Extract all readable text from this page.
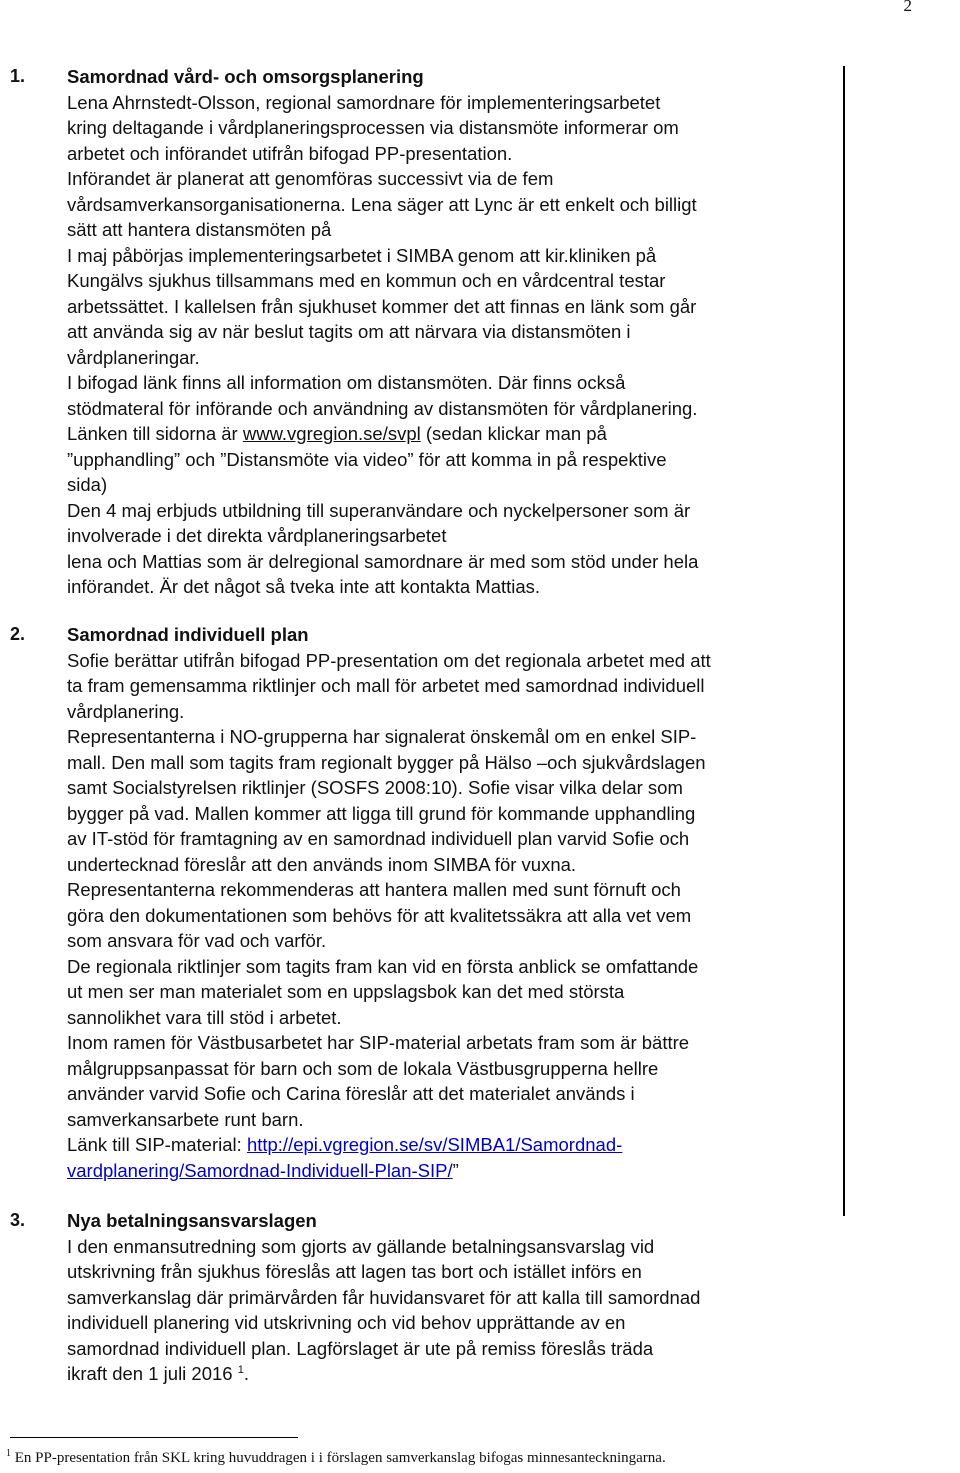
2
1. Samordnad vård- och omsorgsplanering
Lena Ahrnstedt-Olsson, regional samordnare för implementeringsarbetet
kring deltagande i vårdplaneringsprocessen via distansmöte informerar om
arbetet och införandet utifrån bifogad PP-presentation.
Införandet är planerat att genomföras successivt via de fem
vårdsamverkansorganisationerna. Lena säger att Lync är ett enkelt och billigt
sätt att hantera distansmöten på
I maj påbörjas implementeringsarbetet i SIMBA genom att kir.kliniken på
Kungälvs sjukhus tillsammans med en kommun och en vårdcentral testar
arbetssättet. I kallelsen från sjukhuset kommer det att finnas en länk som går
att använda sig av när beslut tagits om att närvara via distansmöten i
vårdplaneringar.
I bifogad länk finns all information om distansmöten. Där finns också
stödmateral för införande och användning av distansmöten för vårdplanering.
Länken till sidorna är www.vgregion.se/svpl (sedan klickar man på
”upphandling” och ”Distansmöte via video” för att komma in på respektive
sida)
Den 4 maj erbjuds utbildning till superanvändare och nyckelpersoner som är
involverade i det direkta vårdplaneringsarbetet
lena och Mattias som är delregional samordnare är med som stöd under hela
införandet. Är det något så tveka inte att kontakta Mattias.
2. Samordnad individuell plan
Sofie berättar utifrån bifogad PP-presentation om det regionala arbetet med att
ta fram gemensamma riktlinjer och mall för arbetet med samordnad individuell
vårdplanering.
Representanterna i NO-grupperna har signalerat önskemål om en enkel SIP-
mall. Den mall som tagits fram regionalt bygger på Hälso –och sjukvårdslagen
samt Socialstyrelsen riktlinjer (SOSFS 2008:10). Sofie visar vilka delar som
bygger på vad. Mallen kommer att ligga till grund för kommande upphandling
av IT-stöd för framtagning av en samordnad individuell plan varvid Sofie och
undertecknad föreslår att den används inom SIMBA för vuxna.
Representanterna rekommenderas att hantera mallen med sunt förnuft och
göra den dokumentationen som behövs för att kvalitetssäkra att alla vet vem
som ansvara för vad och varför.
De regionala riktlinjer som tagits fram kan vid en första anblick se omfattande
ut men ser man materialet som en uppslagsbok kan det med största
sannolikhet vara till stöd i arbetet.
Inom ramen för Västbusarbetet har SIP-material arbetats fram som är bättre
målgruppsanpassat för barn och som de lokala Västbusgrupperna hellre
använder varvid Sofie och Carina föreslår att det materialet används i
samverkansarbete runt barn.
Länk till SIP-material: http://epi.vgregion.se/sv/SIMBA1/Samordnad-
vardplanering/Samordnad-Individuell-Plan-SIP/”
3. Nya betalningsansvarslagen
I den enmansutredning som gjorts av gällande betalningsansvarslag vid
utskrivning från sjukhus föreslås att lagen tas bort och istället införs en
samverkanslag där primärvården får huvidansvaret för att kalla till samordnad
individuell planering vid utskrivning och vid behov upprättande av en
samordnad individuell plan. Lagförslaget är ute på remiss föreslås träda
ikraft den 1 juli 2016 $^1$.
$^1$ En PP-presentation från SKL kring huvuddragen i i förslagen samverkanslag bifogas minnesanteckningarna.
